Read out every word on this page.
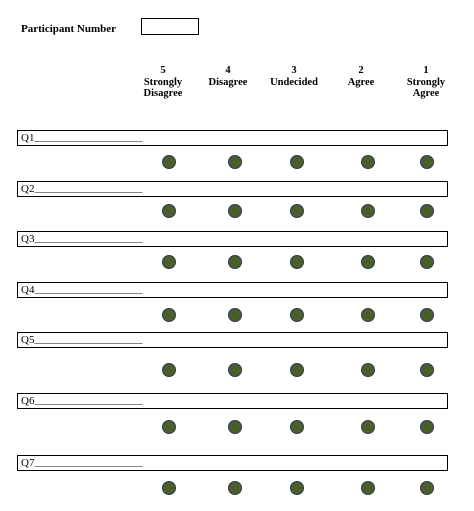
Participant Number
5
Strongly
Disagree
4
Disagree
3
Undecided
2
Agree
1
Strongly
Agree
Q1________________________
Q2________________________
Q3________________________
Q4________________________
Q5________________________
Q6________________________
Q7________________________
